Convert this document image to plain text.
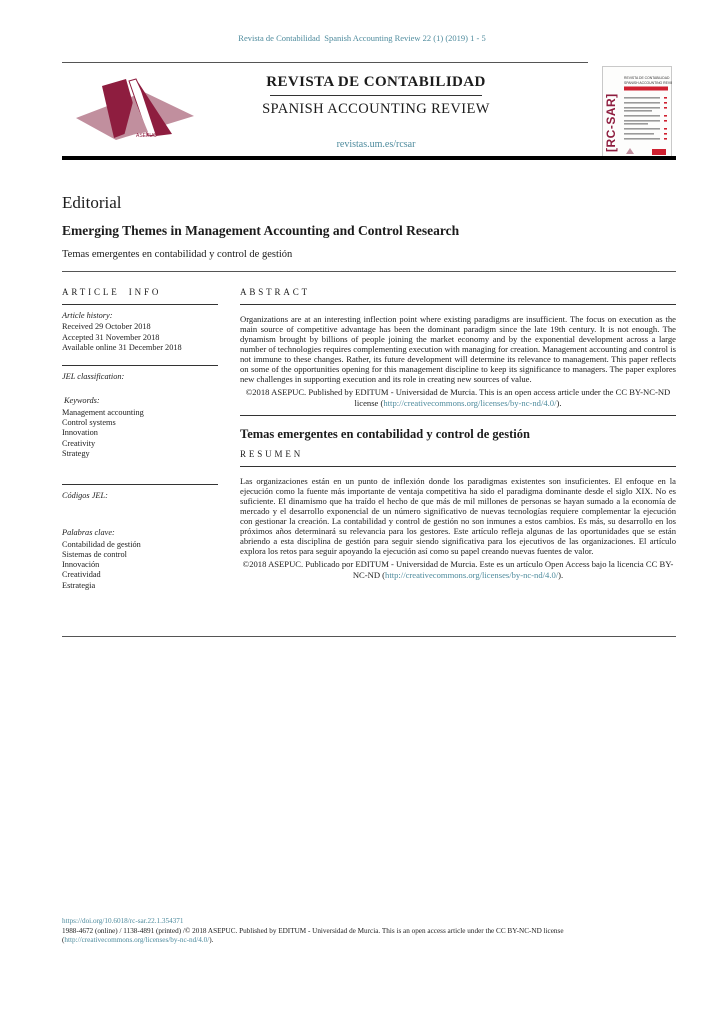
Revista de Contabilidad Spanish Accounting Review 22 (1) (2019) 1 - 5
ASEPUC
REVISTA DE CONTABILIDAD
SPANISH ACCOUNTING REVIEW
revistas.um.es/rcsar	[RC-SAR]
REVISTA DE CONTABILIDAD
SPANISH ACCOUNTING REVIEW
Editorial
Emerging Themes in Management Accounting and Control Research
Temas emergentes en contabilidad y control de gestión
ARTICLE INFO

Article history:

Received 29 October 2018
Accepted 31 November 2018
Available online 31 December 2018

JEL classification:

Keywords:

Management accounting
Control systems
Innovation
Creativity
Strategy

Códigos JEL:

Palabras clave:

Contabilidad de gestión
Sistemas de control
Innovación
Creatividad
Estrategia
ABSTRACT

Organizations are at an interesting inflection point where existing paradigms are insufficient. The focus on execution as the main source of competitive advantage has been the dominant paradigm since the late 19th century. It is not enough. The dynamism brought by billions of people joining the market economy and by the exponential development across a large number of technologies requires complementing execution with managing for creation. Management accounting and control is not immune to these changes. Rather, its future development will determine its relevance to management. This paper reflects on some of the opportunities opening for this management discipline to keep its significance to managers. The paper explores new challenges in supporting execution and its role in creating new sources of value.

©2018 ASEPUC. Published by EDITUM - Universidad de Murcia. This is an open access article under the CC BY-NC-ND license (http://creativecommons.org/licenses/by-nc-nd/4.0/).

Temas emergentes en contabilidad y control de gestión
RESUMEN

Las organizaciones están en un punto de inflexión donde los paradigmas existentes son insuficientes. El enfoque en la ejecución como la fuente más importante de ventaja competitiva ha sido el paradigma dominante desde el siglo XIX. No es suficiente. El dinamismo que ha traído el hecho de que más de mil millones de personas se hayan sumado a la economía de mercado y el desarrollo exponencial de un número significativo de nuevas tecnologías requiere complementar la ejecución con gestionar la creación. La contabilidad y control de gestión no son inmunes a estos cambios. Es más, su desarrollo en los próximos años determinará su relevancia para los gestores. Este artículo refleja algunas de las oportunidades que se están abriendo a esta disciplina de gestión para seguir siendo significativa para los ejecutivos de las organizaciones. El artículo explora los retos para seguir apoyando la ejecución así como su papel creando nuevas fuentes de valor.

©2018 ASEPUC. Publicado por EDITUM - Universidad de Murcia. Este es un artículo Open Access bajo la licencia CC BY-NC-ND (http://creativecommons.org/licenses/by-nc-nd/4.0/).

https://doi.org/10.6018/rc-sar.22.1.354371
1988-4672 (online) / 1138-4891 (printed) /© 2018 ASEPUC. Published by EDITUM - Universidad de Murcia. This is an open access article under the CC BY-NC-ND license (http://creativecommons.org/licenses/by-nc-nd/4.0/).
